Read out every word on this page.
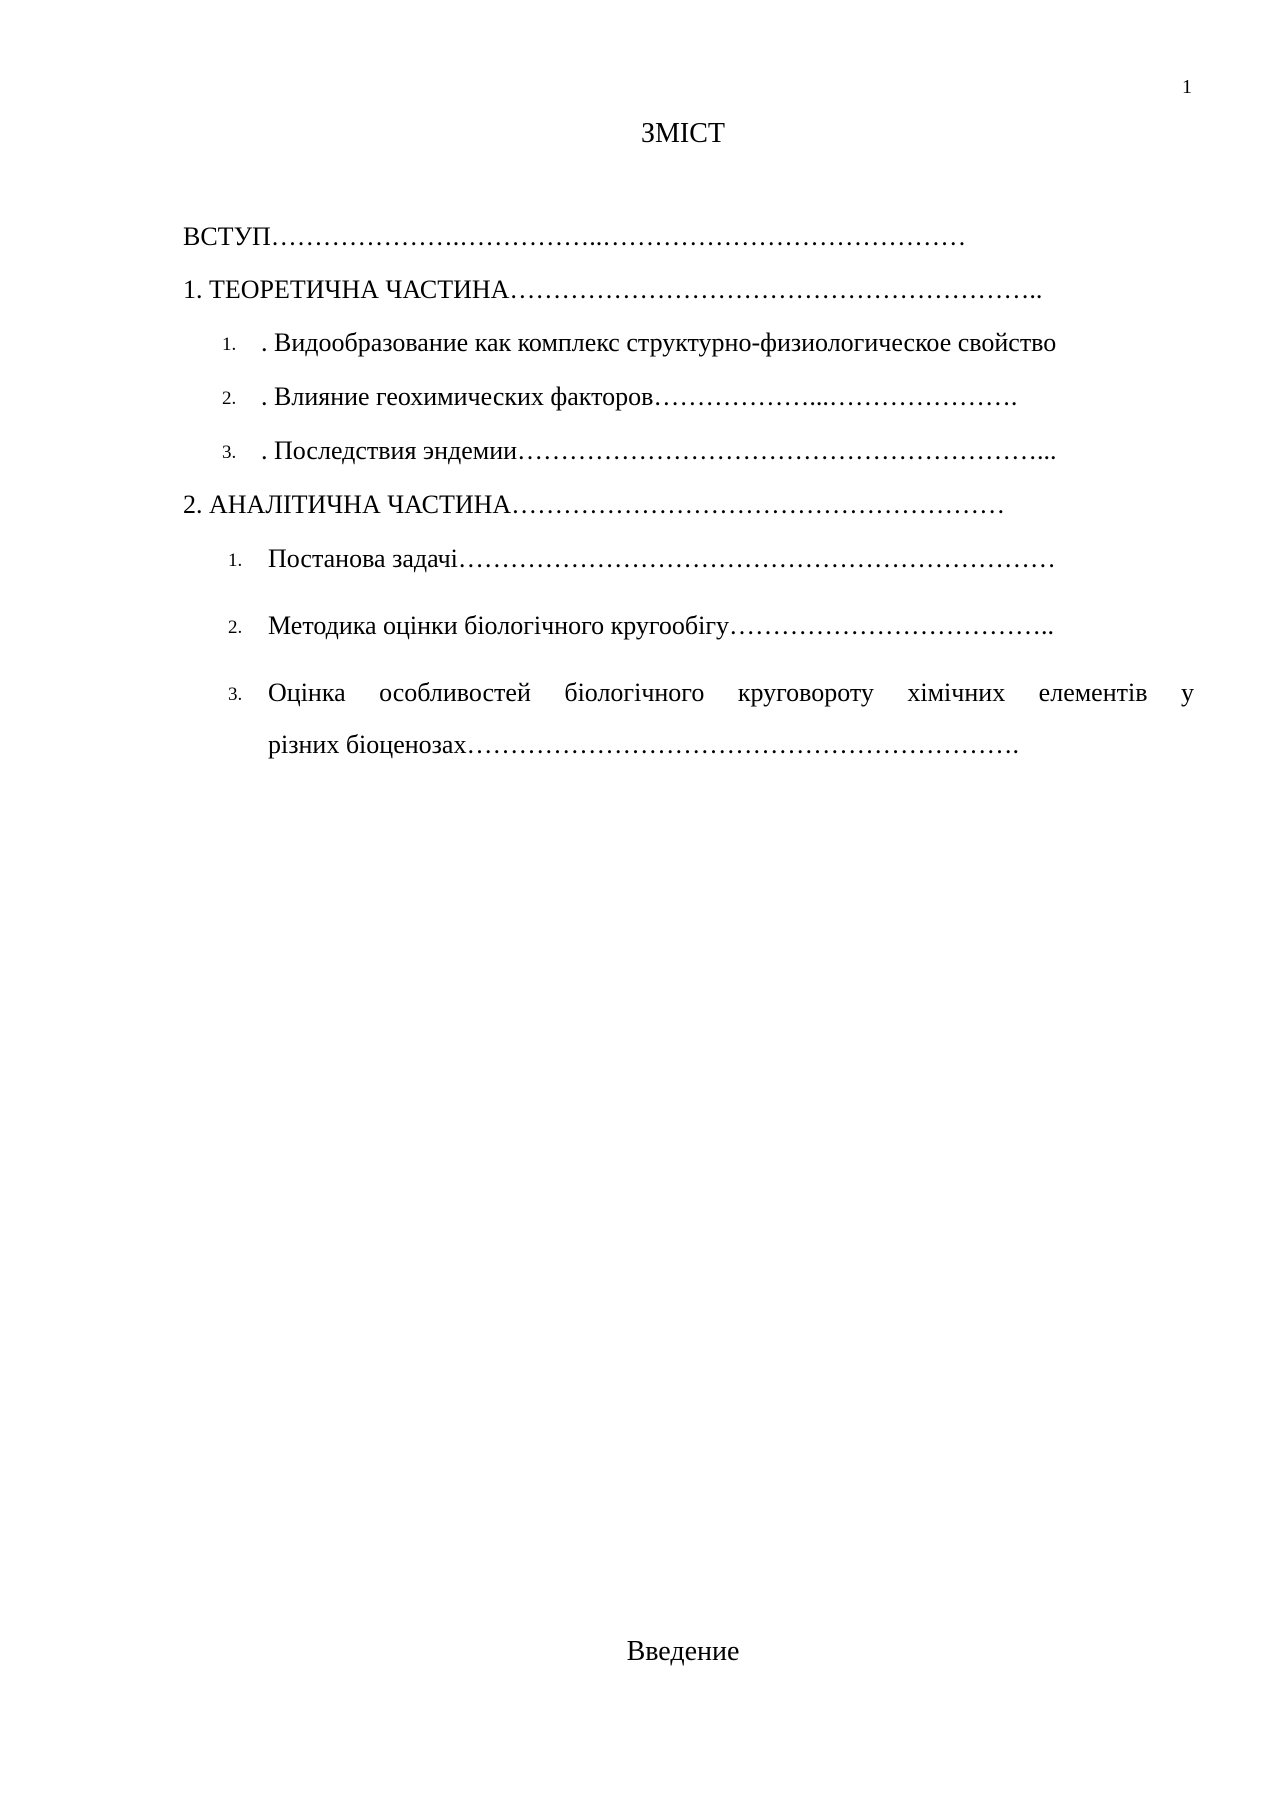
1
ЗМІСТ
ВСТУП………………….……………..……………………………………
1. ТЕОРЕТИЧНА ЧАСТИНА……………………………………………………..
1. . Видообразование как комплекс структурно-физиологическое свойство
2. . Влияние геохимических факторов………………...………………….
3. . Последствия эндемии……………………………………………………...
2. АНАЛІТИЧНА ЧАСТИНА…………………………………………………
1. Постанова задачі……………………………………………………………
2. Методика оцінки біологічного кругообігу………………………………..
3. Оцінка особливостей біологічного круговороту хімічних елементів у
різних біоценозах……………………………………………………….
Введение
